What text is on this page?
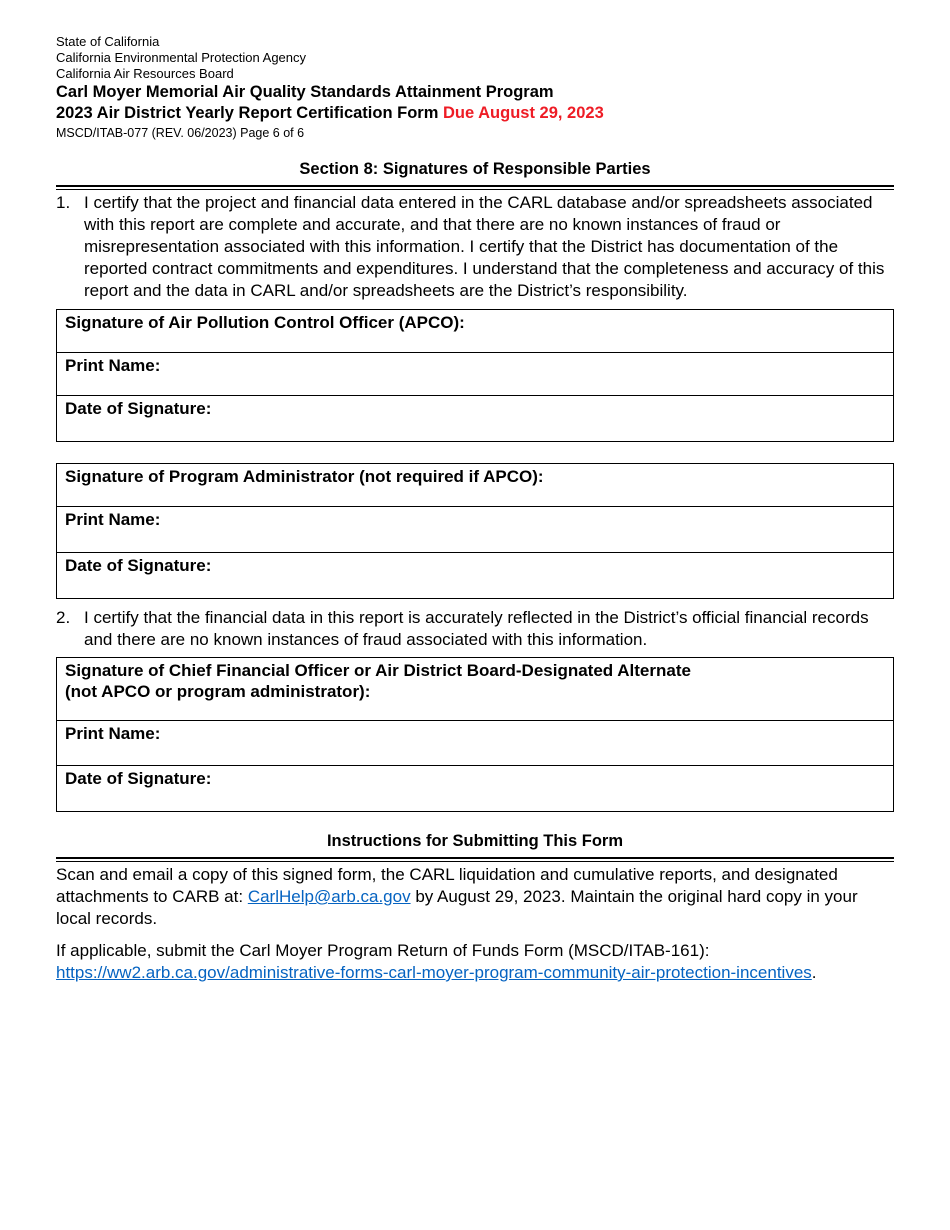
State of California
California Environmental Protection Agency
California Air Resources Board
Carl Moyer Memorial Air Quality Standards Attainment Program
2023 Air District Yearly Report Certification Form Due August 29, 2023
MSCD/ITAB-077 (REV. 06/2023) Page 6 of 6
Section 8: Signatures of Responsible Parties
1. I certify that the project and financial data entered in the CARL database and/or spreadsheets associated with this report are complete and accurate, and that there are no known instances of fraud or misrepresentation associated with this information. I certify that the District has documentation of the reported contract commitments and expenditures. I understand that the completeness and accuracy of this report and the data in CARL and/or spreadsheets are the District’s responsibility.
Signature of Air Pollution Control Officer (APCO):
Print Name:
Date of Signature:
Signature of Program Administrator (not required if APCO):
Print Name:
Date of Signature:
2. I certify that the financial data in this report is accurately reflected in the District’s official financial records and there are no known instances of fraud associated with this information.
Signature of Chief Financial Officer or Air District Board-Designated Alternate
(not APCO or program administrator):

Print Name:
Date of Signature:
Instructions for Submitting This Form
Scan and email a copy of this signed form, the CARL liquidation and cumulative reports, and designated attachments to CARB at: CarlHelp@arb.ca.gov by August 29, 2023. Maintain the original hard copy in your local records.
If applicable, submit the Carl Moyer Program Return of Funds Form (MSCD/ITAB-161):
https://ww2.arb.ca.gov/administrative-forms-carl-moyer-program-community-air-protection-incentives.
